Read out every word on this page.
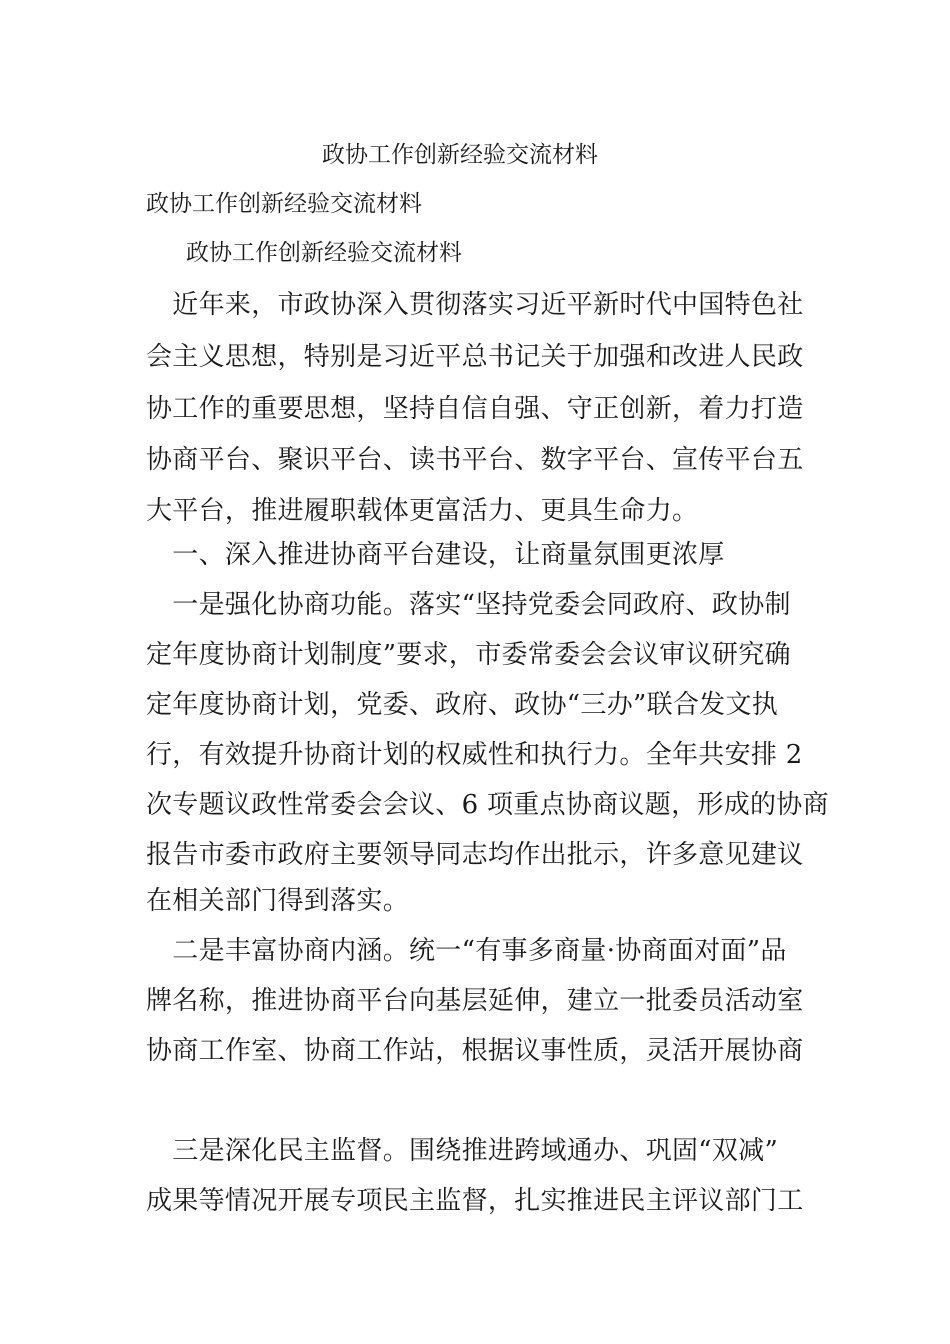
政协工作创新经验交流材料
政协工作创新经验交流材料
政协工作创新经验交流材料
　近年来，市政协深入贯彻落实习近平新时代中国特色社
会主义思想，特别是习近平总书记关于加强和改进人民政
协工作的重要思想，坚持自信自强、守正创新，着力打造
协商平台、聚识平台、读书平台、数字平台、宣传平台五
大平台，推进履职载体更富活力、更具生命力。
　一、深入推进协商平台建设，让商量氛围更浓厚
　一是强化协商功能。落实“坚持党委会同政府、政协制
定年度协商计划制度”要求，市委常委会会议审议研究确
定年度协商计划，党委、政府、政协“三办”联合发文执
行，有效提升协商计划的权威性和执行力。全年共安排 2
次专题议政性常委会会议、6 项重点协商议题，形成的协商
报告市委市政府主要领导同志均作出批示，许多意见建议
在相关部门得到落实。
　二是丰富协商内涵。统一“有事多商量·协商面对面”品
牌名称，推进协商平台向基层延伸，建立一批委员活动室
协商工作室、协商工作站，根据议事性质，灵活开展协商
　三是深化民主监督。围绕推进跨域通办、巩固“双减”
成果等情况开展专项民主监督，扎实推进民主评议部门工
